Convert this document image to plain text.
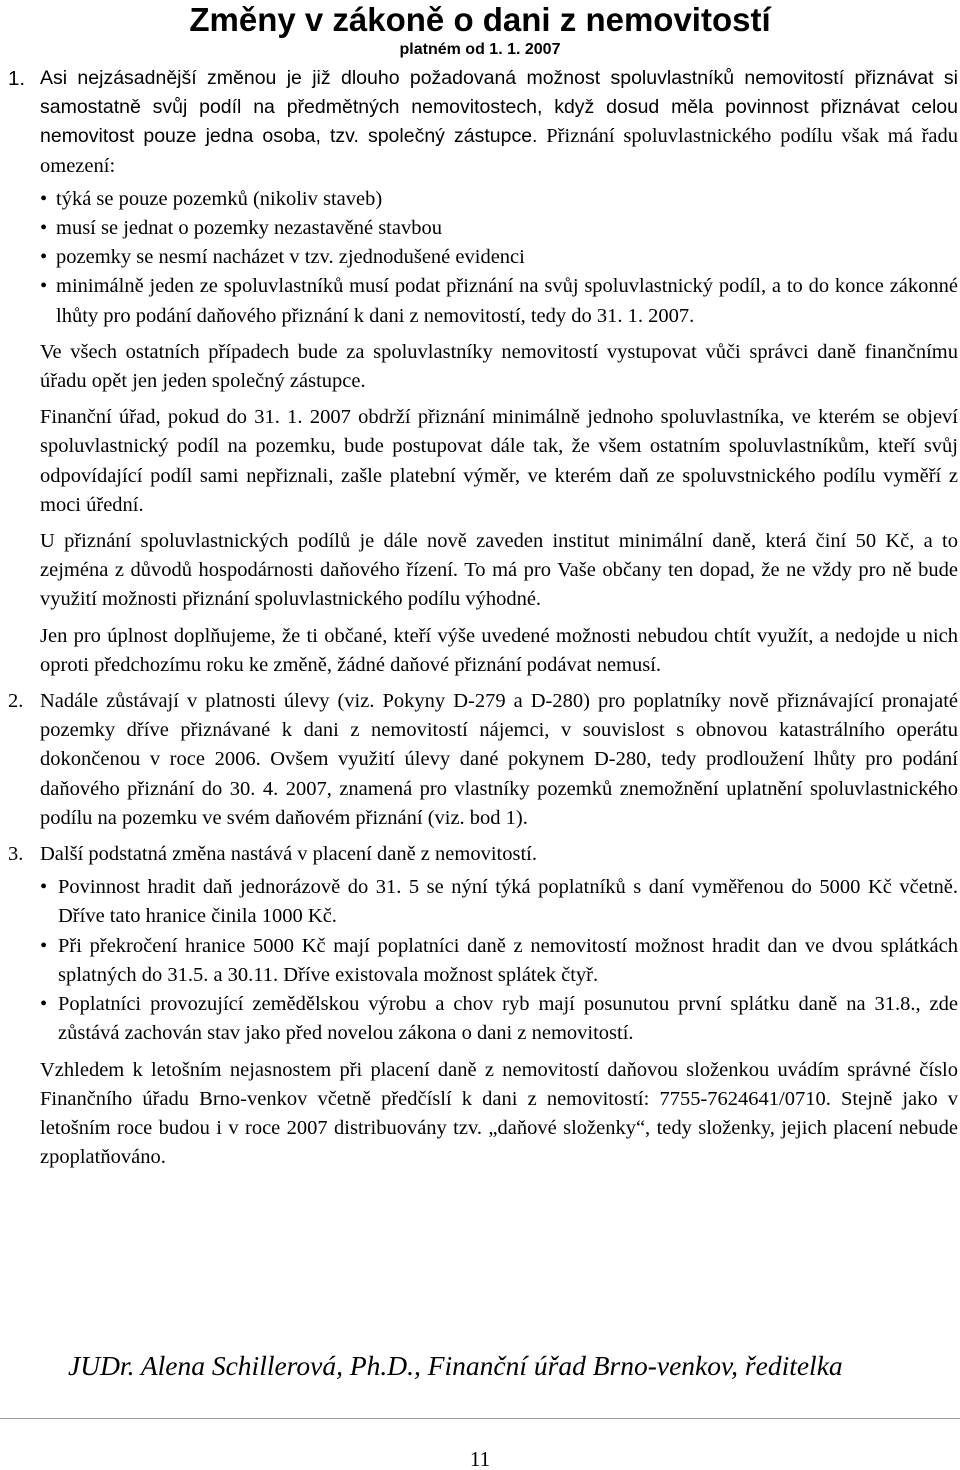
Změny v zákoně o dani z nemovitostí
platném od 1. 1. 2007
1. Asi nejzásadnější změnou je již dlouho požadovaná možnost spoluvlastníků nemovitostí přiznávat si samostatně svůj podíl na předmětných nemovitostech, když dosud měla povinnost přiznávat celou nemovitost pouze jedna osoba, tzv. společný zástupce. Přiznání spoluvlastnického podílu však má řadu omezení:

• týká se pouze pozemků (nikoliv staveb)
• musí se jednat o pozemky nezastavěné stavbou
• pozemky se nesmí nacházet v tzv. zjednodušené evidenci
• minimálně jeden ze spoluvlastníků musí podat přiznání na svůj spoluvlastnický podíl, a to do konce zákonné lhůty pro podání daňového přiznání k dani z nemovitostí, tedy do 31. 1. 2007.

Ve všech ostatních případech bude za spoluvlastníky nemovitostí vystupovat vůči správci daně finančnímu úřadu opět jen jeden společný zástupce.

Finanční úřad, pokud do 31. 1. 2007 obdrží přiznání minimálně jednoho spoluvlastníka, ve kterém se objeví spoluvlastnický podíl na pozemku, bude postupovat dále tak, že všem ostatním spoluvlastníkům, kteří svůj odpovídající podíl sami nepřiznali, zašle platební výměr, ve kterém daň ze spoluvstnického podílu vyměří z moci úřední.

U přiznání spoluvlastnických podílů je dále nově zaveden institut minimální daně, která činí 50 Kč, a to zejména z důvodů hospodárnosti daňového řízení. To má pro Vaše občany ten dopad, že ne vždy pro ně bude využití možnosti přiznání spoluvlastnického podílu výhodné.

Jen pro úplnost doplňujeme, že ti občané, kteří výše uvedené možnosti nebudou chtít využít, a nedojde u nich oproti předchozímu roku ke změně, žádné daňové přiznání podávat nemusí.

2. Nadále zůstávají v platnosti úlevy (viz. Pokyny D-279 a D-280) pro poplatníky nově přiznávající pronajaté pozemky dříve přiznávané k dani z nemovitostí nájemci, v souvislost s obnovou katastrálního operátu dokončenou v roce 2006. Ovšem využití úlevy dané pokynem D-280, tedy prodloužení lhůty pro podání daňového přiznání do 30. 4. 2007, znamená pro vlastníky pozemků znemožnění uplatnění spoluvlastnického podílu na pozemku ve svém daňovém přiznání (viz. bod 1).

3. Další podstatná změna nastává v placení daně z nemovitostí.

• Povinnost hradit daň jednorázově do 31. 5 se nýní týká poplatníků s daní vyměřenou do 5000 Kč včetně. Dříve tato hranice činila 1000 Kč.
• Při překročení hranice 5000 Kč mají poplatníci daně z nemovitostí možnost hradit dan ve dvou splátkách splatných do 31.5. a 30.11. Dříve existovala možnost splátek čtyř.
• Poplatníci provozující zemědělskou výrobu a chov ryb mají posunutou první splátku daně na 31.8., zde zůstává zachován stav jako před novelou zákona o dani z nemovitostí.

Vzhledem k letošním nejasnostem při placení daně z nemovitostí daňovou složenkou uvádím správné číslo Finančního úřadu Brno-venkov včetně předčíslí k dani z nemovitostí: 7755-7624641/0710. Stejně jako v letošním roce budou i v roce 2007 distribuovány tzv. „daňové složenky“, tedy složenky, jejich placení nebude zpoplatňováno.

JUDr. Alena Schillerová, Ph.D., Finanční úřad Brno-venkov, ředitelka

11
